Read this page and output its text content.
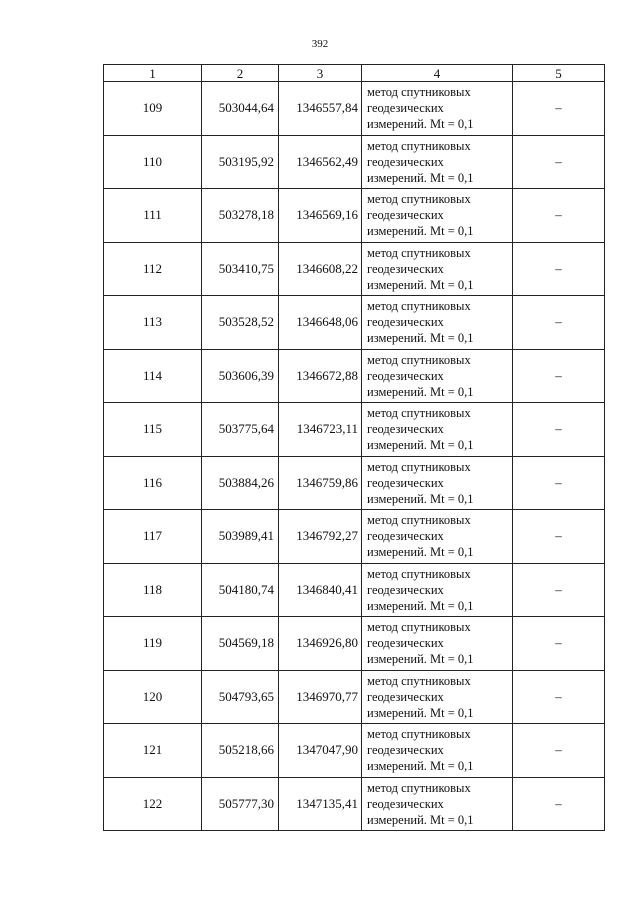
392
1	2	3	4	5
109	503044,64	1346557,84	метод спутниковых
геодезических
измерений. Mt = 0,1	–
110	503195,92	1346562,49	метод спутниковых
геодезических
измерений. Mt = 0,1	–
111	503278,18	1346569,16	метод спутниковых
геодезических
измерений. Mt = 0,1	–
112	503410,75	1346608,22	метод спутниковых
геодезических
измерений. Mt = 0,1	–
113	503528,52	1346648,06	метод спутниковых
геодезических
измерений. Mt = 0,1	–
114	503606,39	1346672,88	метод спутниковых
геодезических
измерений. Mt = 0,1	–
115	503775,64	1346723,11	метод спутниковых
геодезических
измерений. Mt = 0,1	–
116	503884,26	1346759,86	метод спутниковых
геодезических
измерений. Mt = 0,1	–
117	503989,41	1346792,27	метод спутниковых
геодезических
измерений. Mt = 0,1	–
118	504180,74	1346840,41	метод спутниковых
геодезических
измерений. Mt = 0,1	–
119	504569,18	1346926,80	метод спутниковых
геодезических
измерений. Mt = 0,1	–
120	504793,65	1346970,77	метод спутниковых
геодезических
измерений. Mt = 0,1	–
121	505218,66	1347047,90	метод спутниковых
геодезических
измерений. Mt = 0,1	–
122	505777,30	1347135,41	метод спутниковых
геодезических
измерений. Mt = 0,1	–
